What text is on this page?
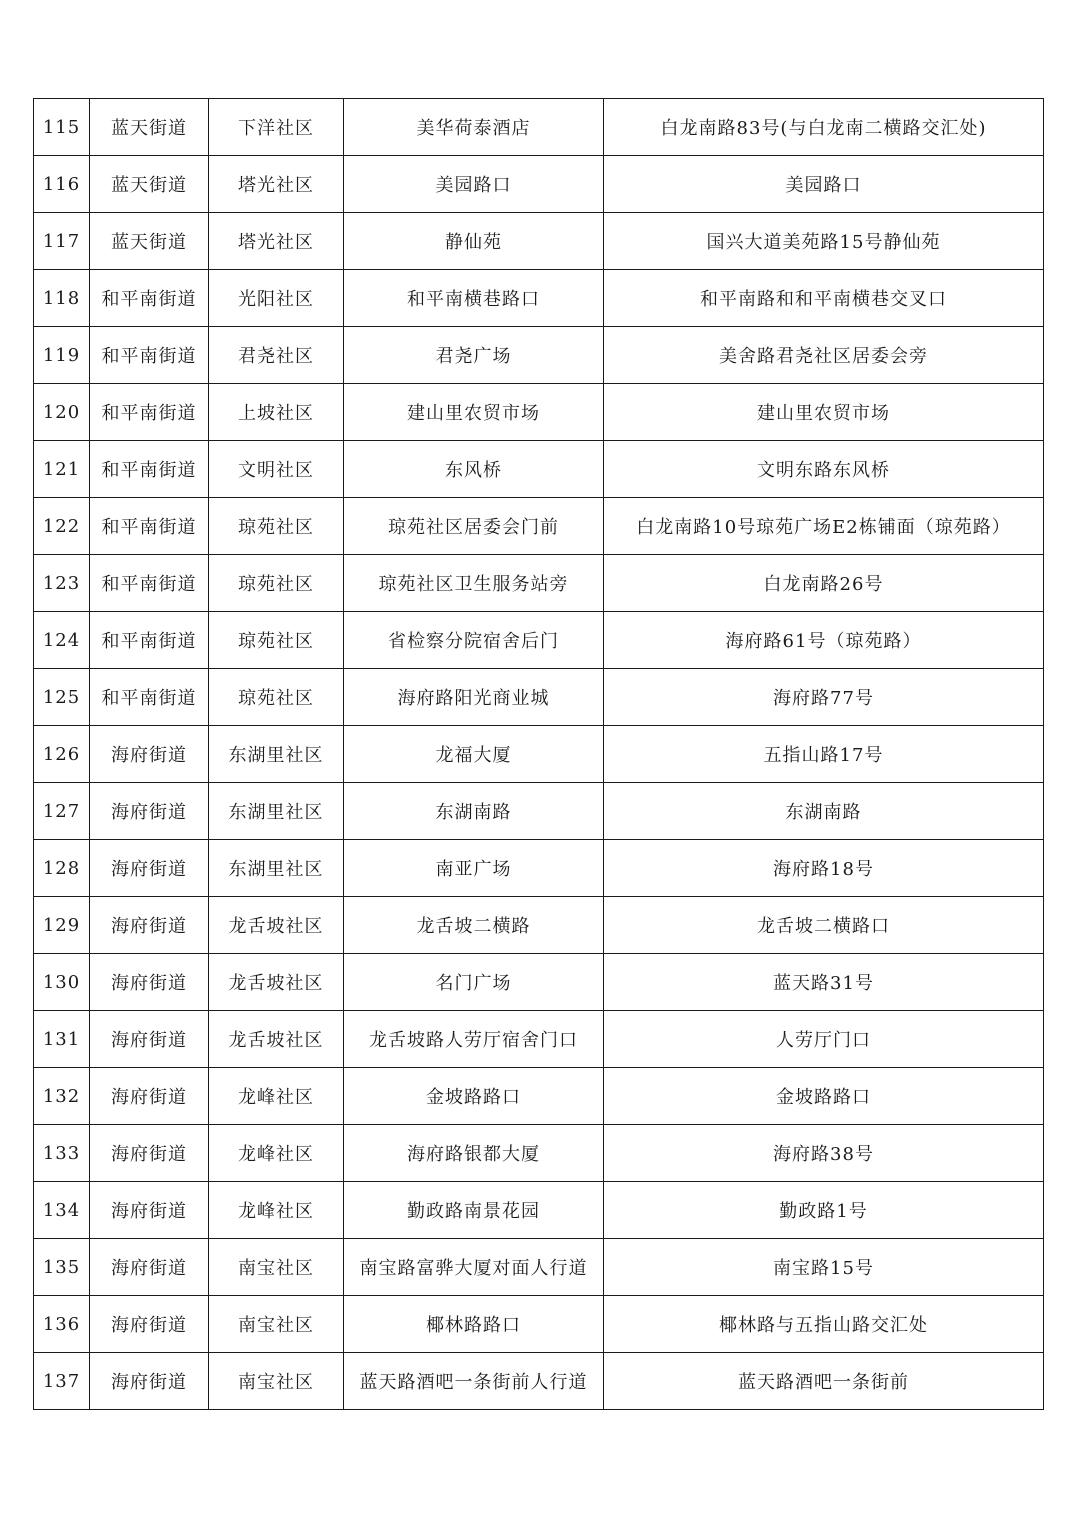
115	蓝天街道	下洋社区	美华荷泰酒店	白龙南路83号(与白龙南二横路交汇处)
116	蓝天街道	塔光社区	美园路口	美园路口
117	蓝天街道	塔光社区	静仙苑	国兴大道美苑路15号静仙苑
118	和平南街道	光阳社区	和平南横巷路口	和平南路和和平南横巷交叉口
119	和平南街道	君尧社区	君尧广场	美舍路君尧社区居委会旁
120	和平南街道	上坡社区	建山里农贸市场	建山里农贸市场
121	和平南街道	文明社区	东风桥	文明东路东风桥
122	和平南街道	琼苑社区	琼苑社区居委会门前	白龙南路10号琼苑广场E2栋铺面（琼苑路）
123	和平南街道	琼苑社区	琼苑社区卫生服务站旁	白龙南路26号
124	和平南街道	琼苑社区	省检察分院宿舍后门	海府路61号（琼苑路）
125	和平南街道	琼苑社区	海府路阳光商业城	海府路77号
126	海府街道	东湖里社区	龙福大厦	五指山路17号
127	海府街道	东湖里社区	东湖南路	东湖南路
128	海府街道	东湖里社区	南亚广场	海府路18号
129	海府街道	龙舌坡社区	龙舌坡二横路	龙舌坡二横路口
130	海府街道	龙舌坡社区	名门广场	蓝天路31号
131	海府街道	龙舌坡社区	龙舌坡路人劳厅宿舍门口	人劳厅门口
132	海府街道	龙峰社区	金坡路路口	金坡路路口
133	海府街道	龙峰社区	海府路银都大厦	海府路38号
134	海府街道	龙峰社区	勤政路南景花园	勤政路1号
135	海府街道	南宝社区	南宝路富骅大厦对面人行道	南宝路15号
136	海府街道	南宝社区	椰林路路口	椰林路与五指山路交汇处
137	海府街道	南宝社区	蓝天路酒吧一条街前人行道	蓝天路酒吧一条街前
